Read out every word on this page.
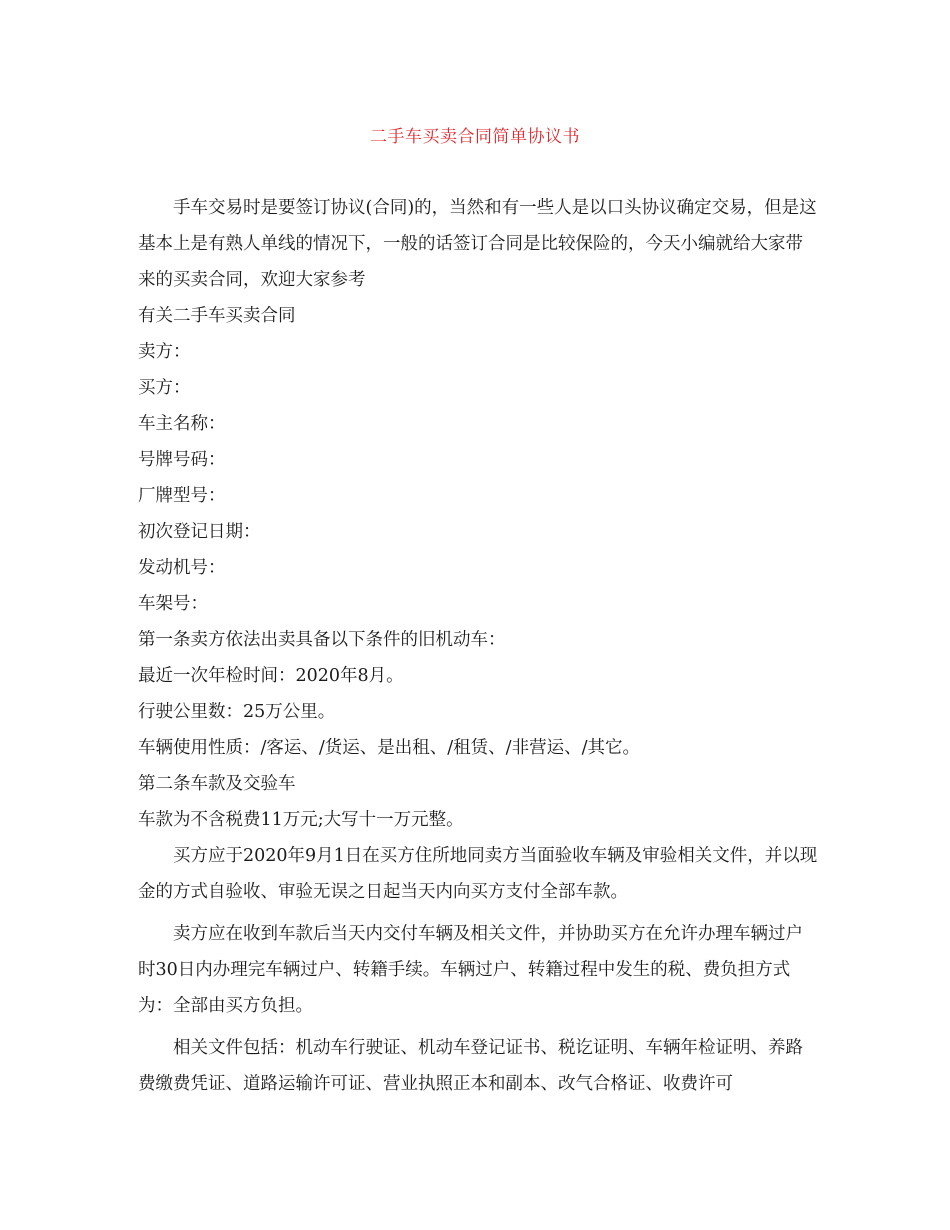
二手车买卖合同简单协议书

手车交易时是要签订协议(合同)的，当然和有一些人是以口头协议确定交易，但是这基本上是有熟人单线的情况下，一般的话签订合同是比较保险的，今天小编就给大家带来的买卖合同，欢迎大家参考

有关二手车买卖合同

卖方：

买方：

车主名称：

号牌号码：

厂牌型号：

初次登记日期：

发动机号：

车架号：

第一条卖方依法出卖具备以下条件的旧机动车：

最近一次年检时间：2020年8月。

行驶公里数：25万公里。

车辆使用性质：/客运、/货运、是出租、/租赁、/非营运、/其它。

第二条车款及交验车

车款为不含税费11万元;大写十一万元整。

买方应于2020年9月1日在买方住所地同卖方当面验收车辆及审验相关文件，并以现金的方式自验收、审验无误之日起当天内向买方支付全部车款。

卖方应在收到车款后当天内交付车辆及相关文件，并协助买方在允许办理车辆过户时30日内办理完车辆过户、转籍手续。车辆过户、转籍过程中发生的税、费负担方式为：全部由买方负担。

相关文件包括：机动车行驶证、机动车登记证书、税讫证明、车辆年检证明、养路费缴费凭证、道路运输许可证、营业执照正本和副本、改气合格证、收费许可
